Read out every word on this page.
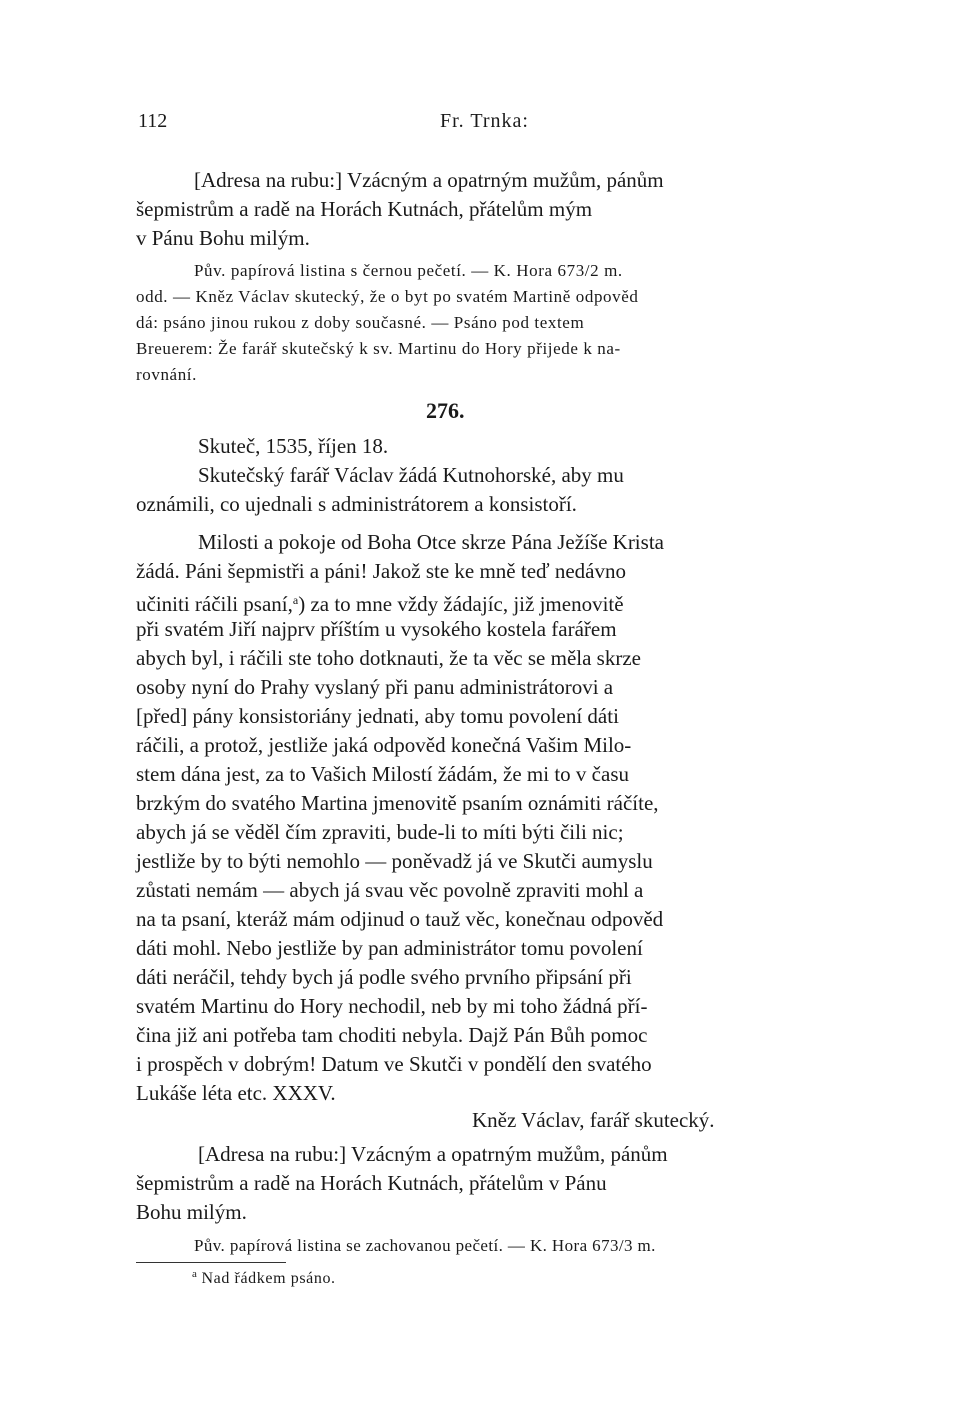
112	Fr. Trnka:
[Adresa na rubu:] Vzácným a opatrným mužům, pánům
šepmistrům a radě na Horách Kutnách, přátelům mým
v Pánu Bohu milým.
Pův. papírová listina s černou pečetí. — K. Hora 673/2 m.
odd. — Kněz Václav skutecký, že o byt po svatém Martině odpověd
dá: psáno jinou rukou z doby současné. — Psáno pod textem
Breuerem: Že farář skutečský k sv. Martinu do Hory přijede k na-
rovnání.
276.
Skuteč, 1535, říjen 18.
Skutečský farář Václav žádá Kutnohorské, aby mu
oznámili, co ujednali s administrátorem a konsistoří.
Milosti a pokoje od Boha Otce skrze Pána Ježíše Krista
žádá. Páni šepmistři a páni! Jakož ste ke mně teď nedávno
učiniti ráčili psaní,$^a$) za to mne vždy žádajíc, již jmenovitě
při svatém Jiří najprv příštím u vysokého kostela farářem
abych byl, i ráčili ste toho dotknauti, že ta věc se měla skrze
osoby nyní do Prahy vyslaný při panu administrátorovi a
[před] pány konsistoriány jednati, aby tomu povolení dáti
ráčili, a protož, jestliže jaká odpověd konečná Vašim Milo-
stem dána jest, za to Vašich Milostí žádám, že mi to v času
brzkým do svatého Martina jmenovitě psaním oznámiti ráčíte,
abych já se věděl čím zpraviti, bude-li to míti býti čili nic;
jestliže by to býti nemohlo — poněvadž já ve Skutči aumyslu
zůstati nemám — abych já svau věc povolně zpraviti mohl a
na ta psaní, kteráž mám odjinud o tauž věc, konečnau odpověd
dáti mohl. Nebo jestliže by pan administrátor tomu povolení
dáti neráčil, tehdy bych já podle svého prvního připsání při
svatém Martinu do Hory nechodil, neb by mi toho žádná pří-
čina již ani potřeba tam choditi nebyla. Dajž Pán Bůh pomoc
i prospěch v dobrým! Datum ve Skutči v pondělí den svatého
Lukáše léta etc. XXXV.
Kněz Václav, farář skutecký.
[Adresa na rubu:] Vzácným a opatrným mužům, pánům
šepmistrům a radě na Horách Kutnách, přátelům v Pánu
Bohu milým.
Pův. papírová listina se zachovanou pečetí. — K. Hora 673/3 m.
$^a$ Nad řádkem psáno.
